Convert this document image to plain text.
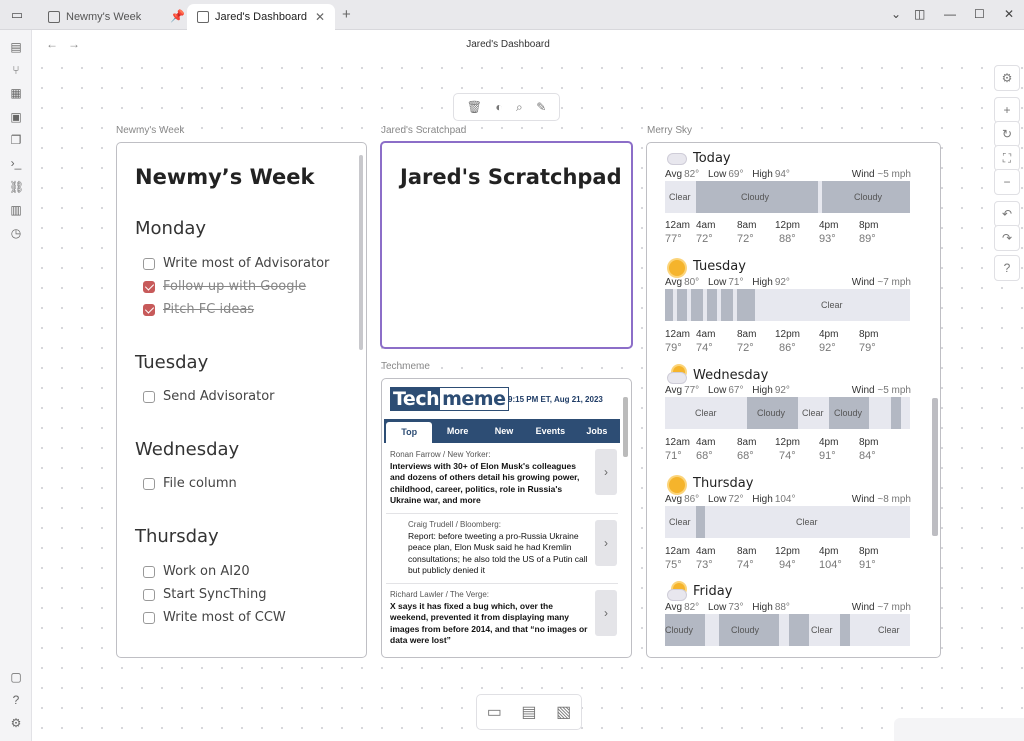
▭	Newmy's Week 📌	Jared's Dashboard ✕ +	⌄ ◫ — ☐ ✕
▤
⑂
▦
▣
❐
›_
⛓
▥
◷
▢
?
⚙
← →	Jared's Dashboard
🗑 ◐ ⌕ ✎
Newmy's Week	Jared's Scratchpad
Techmeme
Merry Sky
Newmy’s Week
Monday
Write most of Advisorator
Follow up with Google
Pitch FC ideas
Tuesday
Send Advisorator
Wednesday
File column
Thursday
Work on AI20
Start SyncThing
Write most of CCW
Jared's Scratchpad
Tech meme 9:15 PM ET, Aug 21, 2023
Top	More	New	Events	Jobs
Ronan Farrow / New Yorker:
Interviews with 30+ of Elon Musk's colleagues and dozens of others detail his growing power, childhood, career, politics, role in Russia's Ukraine war, and more
›
Craig Trudell / Bloomberg:
Report: before tweeting a pro-Russia Ukraine peace plan, Elon Musk said he had Kremlin consultations; he also told the US of a Putin call but publicly denied it
›
Richard Lawler / The Verge:
X says it has fixed a bug which, over the weekend, prevented it from displaying many images from before 2014, and that “no images or data were lost”
›
Today
Avg 82° Low 69° High 94°	Wind ~5 mph
Clear	Cloudy	Cloudy
12am 4am 8am 12pm 4pm 8pm
77° 72° 72° 88° 93° 89°
Tuesday
Avg 80° Low 71° High 92°	Wind ~7 mph
Clear
12am 4am 8am 12pm 4pm 8pm
79° 74° 72° 86° 92° 79°
Wednesday
Avg 77° Low 67° High 92°	Wind ~5 mph
Clear	Cloudy Clear Cloudy
12am 4am 8am 12pm 4pm 8pm
71° 68° 68° 74° 91° 84°
Thursday
Avg 86° Low 72° High 104°	Wind ~8 mph
Clear	Clear
12am 4am 8am 12pm 4pm 8pm
75° 73° 74° 94° 104° 91°
Friday
Avg 82° Low 73° High 88°	Wind ~7 mph
Cloudy	Cloudy	Clear	Clear
⚙
+
↻
⛶
−
↶
↷
?
▭ ▤ ▧
